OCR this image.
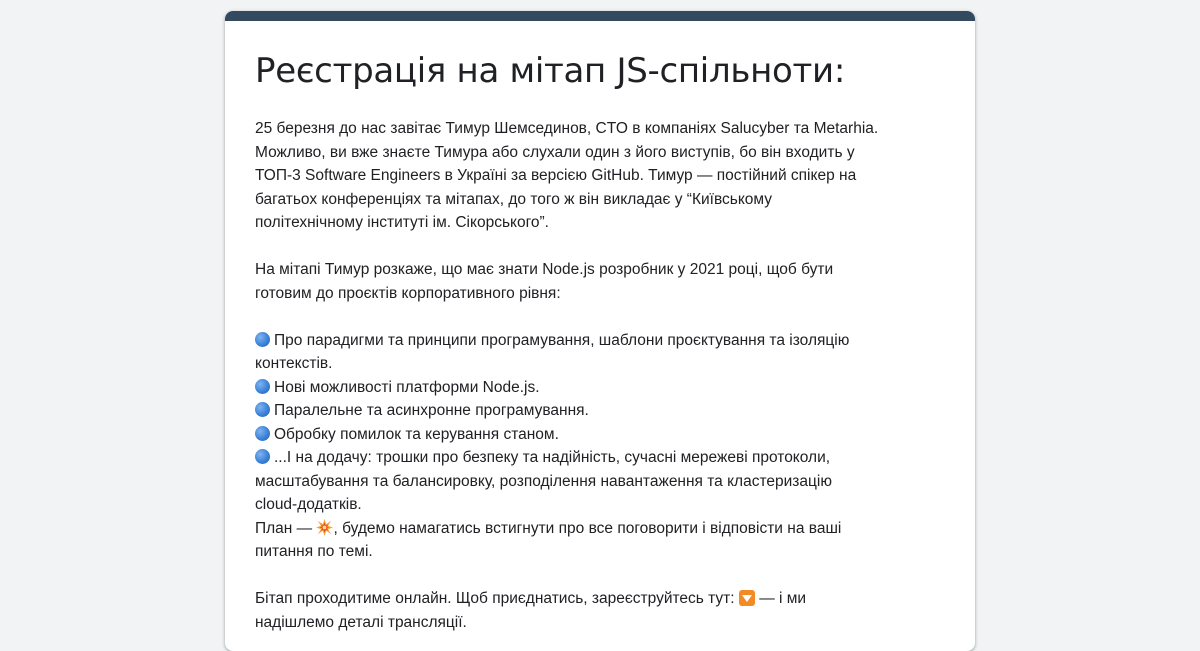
Реєстрація на мітап JS-спільноти:
25 березня до нас завітає Тимур Шемсединов, CTO в компаніях Salucyber та Metarhia.
Можливо, ви вже знаєте Тимура або слухали один з його виступів, бо він входить у
ТОП-3 Software Engineers в Україні за версією GitHub. Тимур — постійний спікер на
багатьох конференціях та мітапах, до того ж він викладає у “Київському
політехнічному інституті ім. Сікорського”.
На мітапі Тимур розкаже, що має знати Node.js розробник у 2021 році, щоб бути
готовим до проєктів корпоративного рівня:
Про парадигми та принципи програмування, шаблони проєктування та ізоляцію
контекстів.
Нові можливості платформи Node.js.
Паралельне та асинхронне програмування.
Обробку помилок та керування станом.
...І на додачу: трошки про безпеку та надійність, сучасні мережеві протоколи,
масштабування та балансировку, розподілення навантаження та кластеризацію
cloud-додатків.
План — , будемо намагатись встигнути про все поговорити і відповісти на ваші
питання по темі.
Бітап проходитиме онлайн. Щоб приєднатись, зареєструйтесь тут:  — і ми
надішлемо деталі трансляції.
